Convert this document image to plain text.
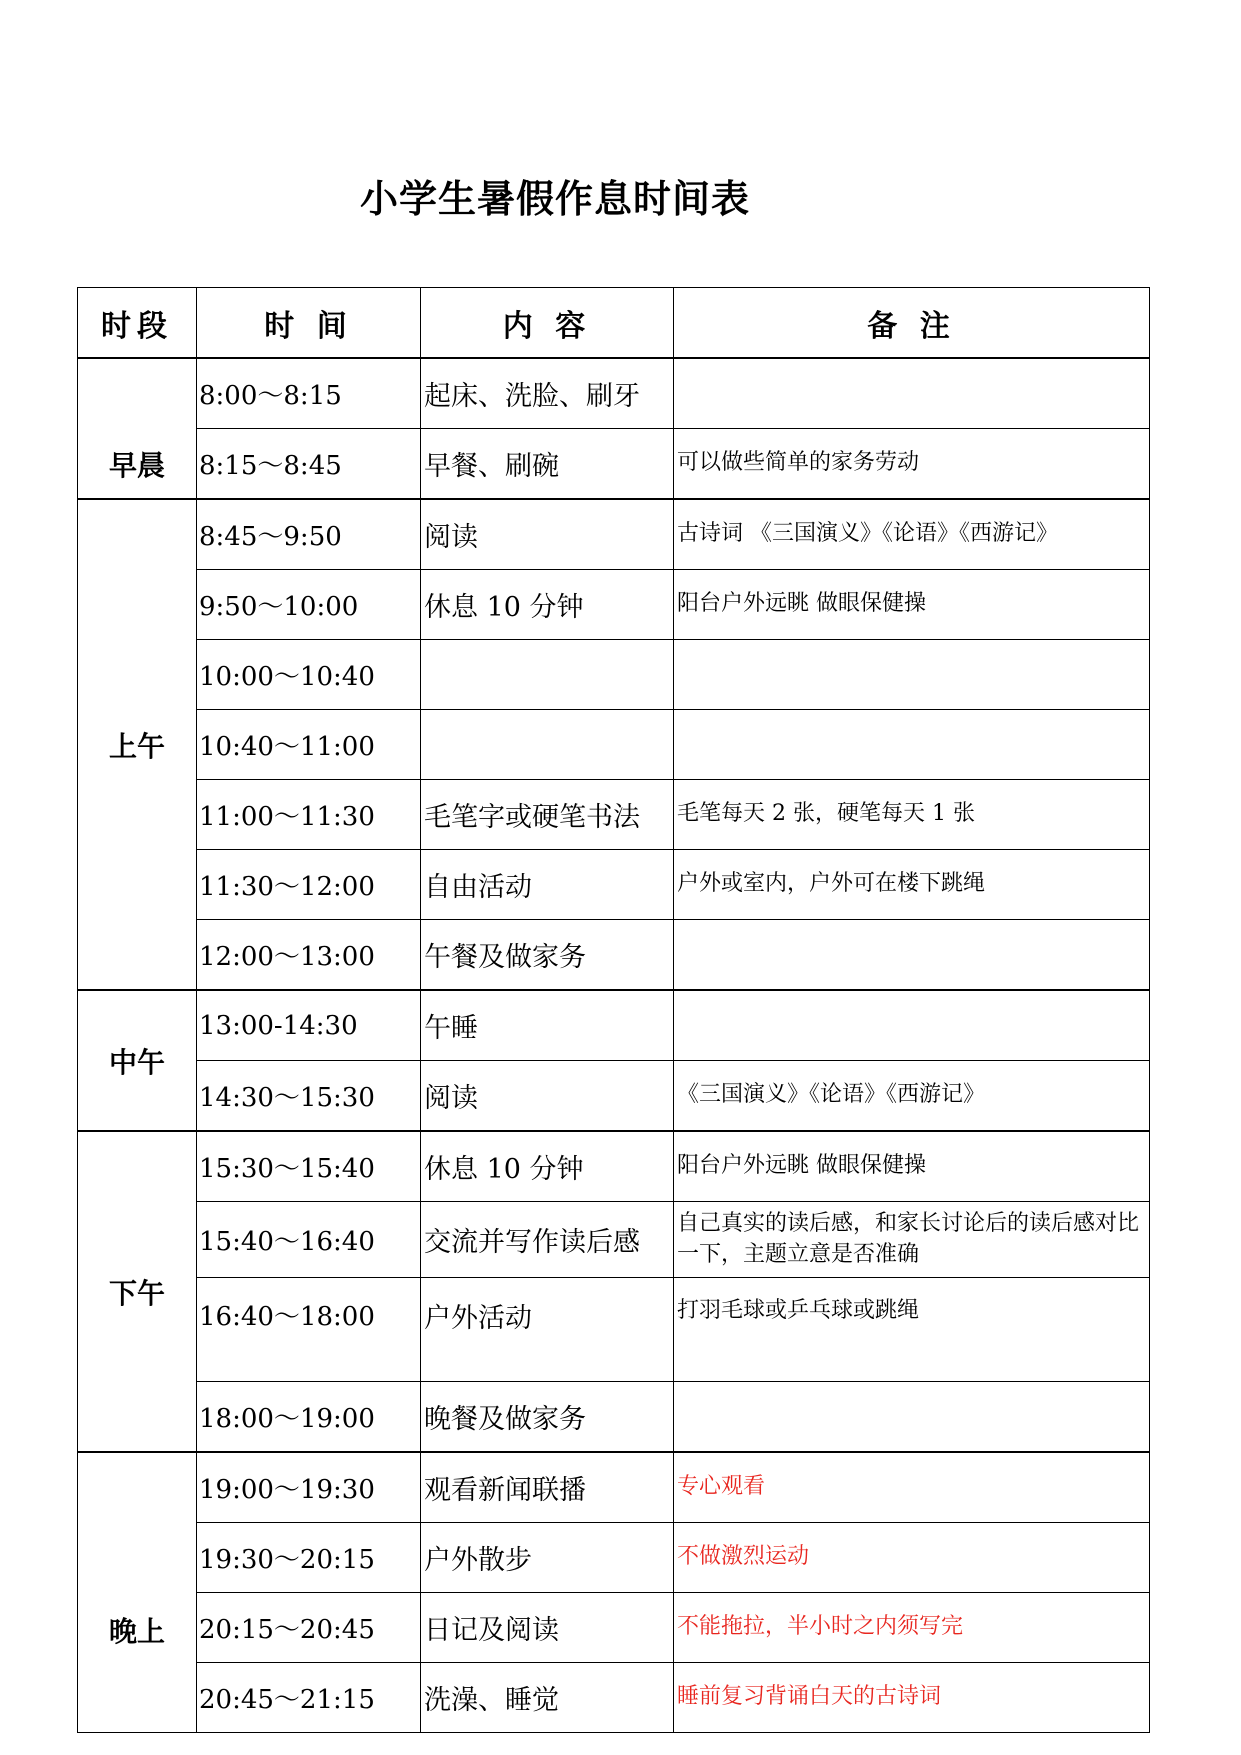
小学生暑假作息时间表
时段	时 间	内 容	备 注
早晨	8:00～8:15	起床、洗脸、刷牙	
	8:15～8:45	早餐、刷碗	可以做些简单的家务劳动
上午	8:45～9:50	阅读	古诗词 《三国演义》《论语》《西游记》
	9:50～10:00	休息 10 分钟	阳台户外远眺 做眼保健操
	10:00～10:40		
	10:40～11:00		
	11:00～11:30	毛笔字或硬笔书法	毛笔每天 2 张，硬笔每天 1 张
	11:30～12:00	自由活动	户外或室内，户外可在楼下跳绳
	12:00～13:00	午餐及做家务	
中午	13:00-14:30	午睡	
	14:30～15:30	阅读	《三国演义》《论语》《西游记》
下午	15:30～15:40	休息 10 分钟	阳台户外远眺 做眼保健操
	15:40～16:40	交流并写作读后感	自己真实的读后感，和家长讨论后的读后感对比一下，主题立意是否准确
	16:40～18:00	户外活动	打羽毛球或乒乓球或跳绳
	18:00～19:00	晚餐及做家务	
晚上	19:00～19:30	观看新闻联播	专心观看
	19:30～20:15	户外散步	不做激烈运动
	20:15～20:45	日记及阅读	不能拖拉，半小时之内须写完
	20:45～21:15	洗澡、睡觉	睡前复习背诵白天的古诗词
